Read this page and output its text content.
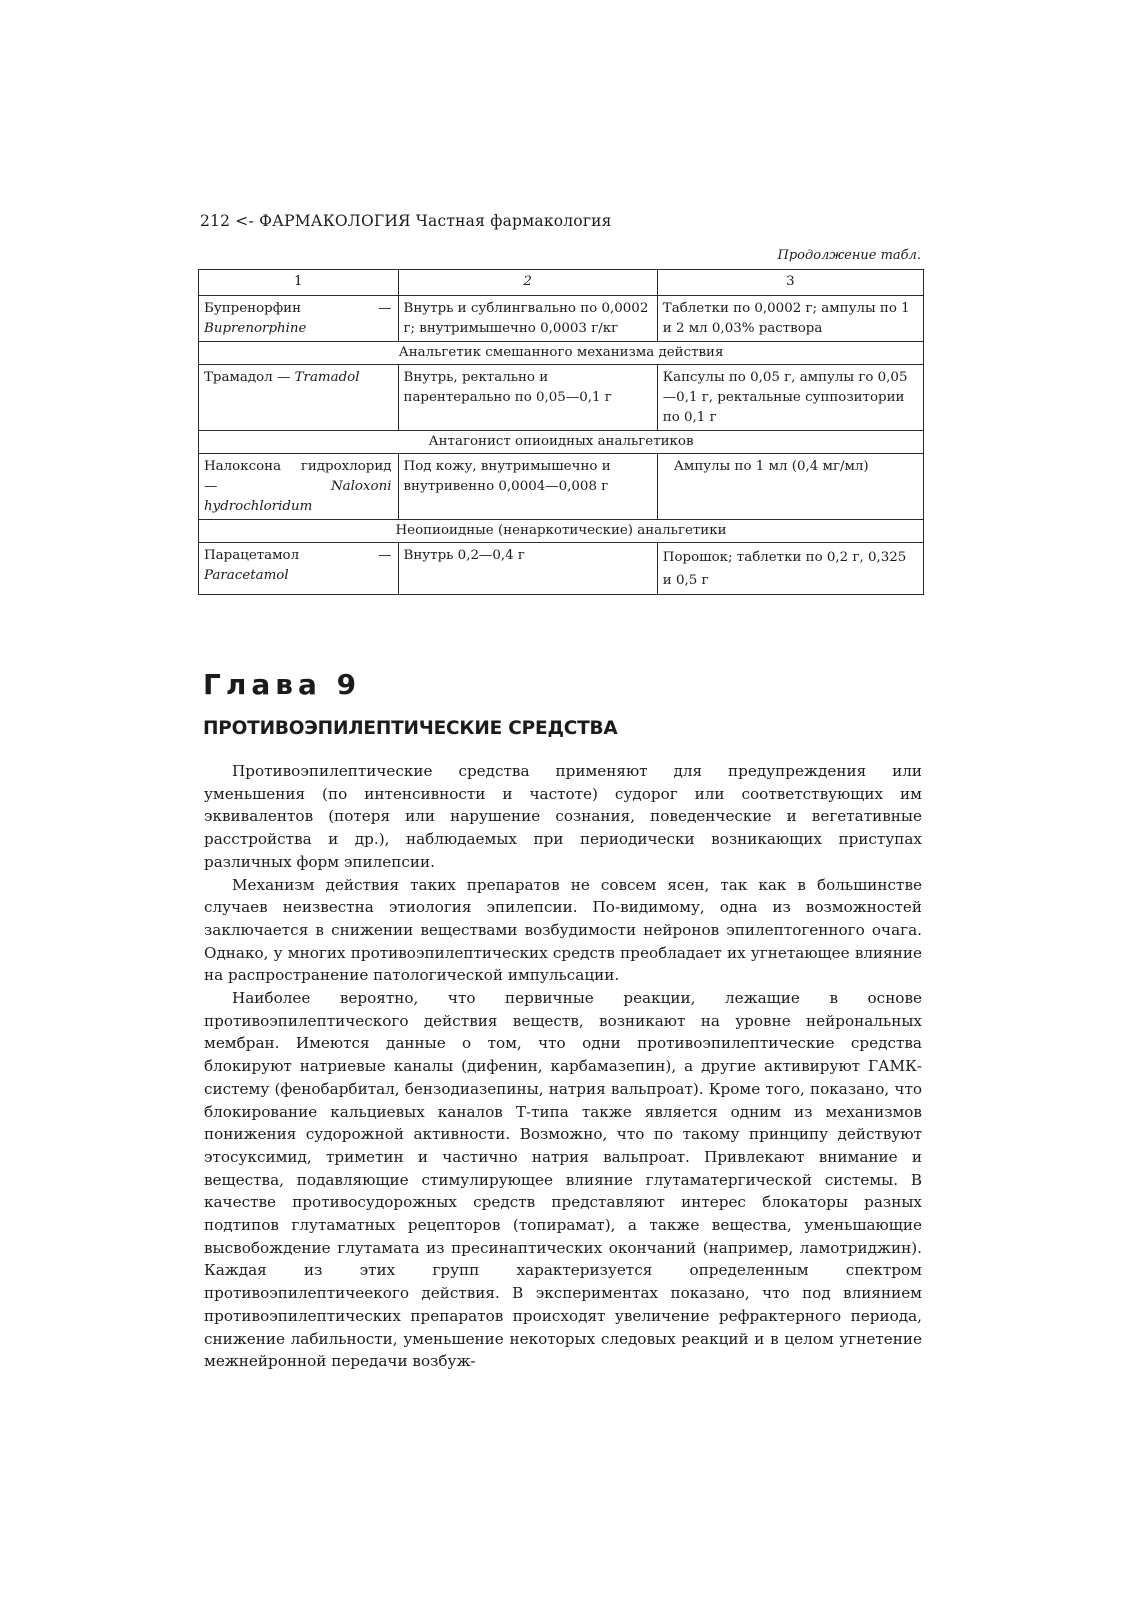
212 <- ФАРМАКОЛОГИЯ Частная фармакология
Продолжение табл.
1	2	3
Бупренорфин — Buprenorphine	Внутрь и сублингвально по 0,0002 г; внутримышечно 0,0003 г/кг	Таблетки по 0,0002 г; ампулы по 1 и 2 мл 0,03% раствора
Анальгетик смешанного механизма действия		
Трамадол — Tramadol	Внутрь, ректально и парентерально по 0,05—0,1 г	Капсулы по 0,05 г, ампулы го 0,05—0,1 г, ректальные суппозитории по 0,1 г
Антагонист опиоидных анальгетиков		
Налоксона гидрохлорид — Naloxoni hydrochloridum	Под кожу, внутримышечно и внутривенно 0,0004—0,008 г	Ампулы по 1 мл (0,4 мг/мл)
Неопиоидные (ненаркотические) анальгетики		
Парацетамол — Paracetamol	Внутрь 0,2—0,4 г	Порошок; таблетки по 0,2 г, 0,325 и 0,5 г
Глава 9
ПРОТИВОЭПИЛЕПТИЧЕСКИЕ СРЕДСТВА

Противоэпилептические средства применяют для предупреждения или уменьшения (по интенсивности и частоте) судорог или соответствующих им эквивалентов (потеря или нарушение сознания, поведенческие и вегетативные расстройства и др.), наблюдаемых при периодически возникающих приступах различных форм эпилепсии.

Механизм действия таких препаратов не совсем ясен, так как в большинстве случаев неизвестна этиология эпилепсии. По-видимому, одна из возможностей заключается в снижении веществами возбудимости нейронов эпилептогенного очага. Однако, у многих противоэпилептических средств преобладает их угнетающее влияние на распространение патологической импульсации.

Наиболее вероятно, что первичные реакции, лежащие в основе противоэпилептического действия веществ, возникают на уровне нейрональных мембран. Имеются данные о том, что одни противоэпилептические средства блокируют натриевые каналы (дифенин, карбамазепин), а другие активируют ГАМК-систему (фенобарбитал, бензодиазепины, натрия вальпроат). Кроме того, показано, что блокирование кальциевых каналов Т-типа также является одним из механизмов понижения судорожной активности. Возможно, что по такому принципу действуют этосуксимид, триметин и частично натрия вальпроат. Привлекают внимание и вещества, подавляющие стимулирующее влияние глутаматергической системы. В качестве противосудорожных средств представляют интерес блокаторы разных подтипов глутаматных рецепторов (топирамат), а также вещества, уменьшающие высвобождение глутамата из пресинаптических окончаний (например, ламотриджин). Каждая из этих групп характеризуется определенным спектром противоэпилептичеекого действия. В экспериментах показано, что под влиянием противоэпилептических препаратов происходят увеличение рефрактерного периода, снижение лабильности, уменьшение некоторых следовых реакций и в целом угнетение межнейронной передачи возбуж-
